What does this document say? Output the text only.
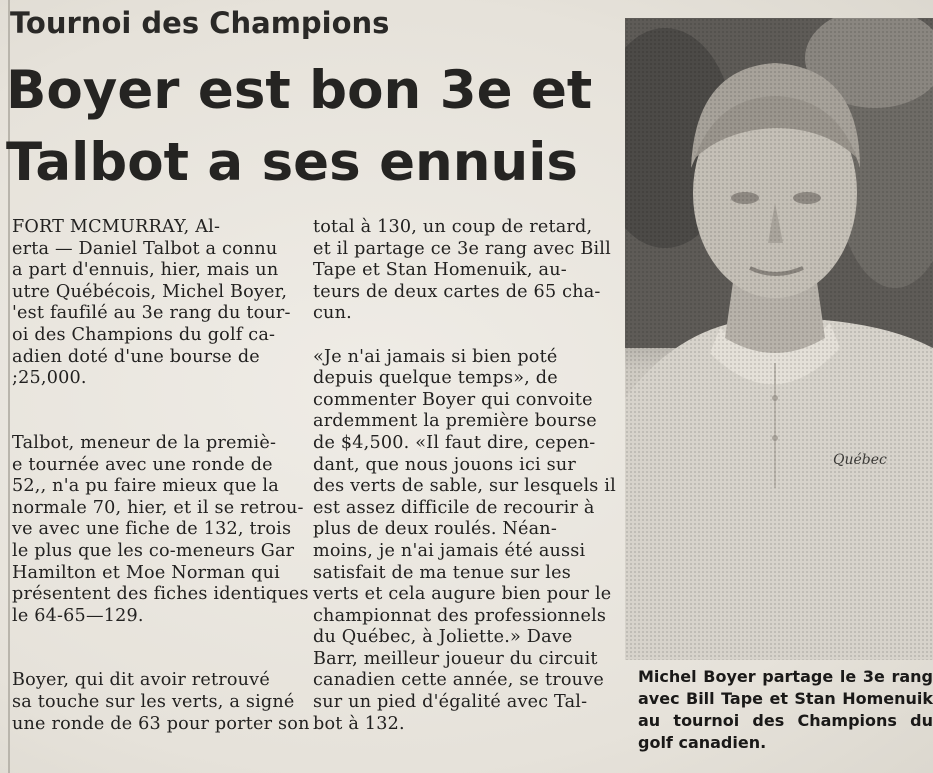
Tournoi des Champions
Boyer est bon 3e et
Talbot a ses ennuis

FORT MCMURRAY, Al-

erta — Daniel Talbot a connu

a part d'ennuis, hier, mais un

utre Québécois, Michel Boyer,

'est faufilé au 3e rang du tour-

oi des Champions du golf ca-

adien doté d'une bourse de

;25,000.

Talbot, meneur de la premiè-

e tournée avec une ronde de

52,, n'a pu faire mieux que la

normale 70, hier, et il se retrou-

ve avec une fiche de 132, trois

le plus que les co-meneurs Gar

Hamilton et Moe Norman qui

présentent des fiches identiques

le 64-65—129.

Boyer, qui dit avoir retrouvé

sa touche sur les verts, a signé

une ronde de 63 pour porter son

total à 130, un coup de retard,

et il partage ce 3e rang avec Bill

Tape et Stan Homenuik, au-

teurs de deux cartes de 65 cha-

cun.

«Je n'ai jamais si bien poté

depuis quelque temps», de

commenter Boyer qui convoite

ardemment la première bourse

de $4,500. «Il faut dire, cepen-

dant, que nous jouons ici sur

des verts de sable, sur lesquels il

est assez difficile de recourir à

plus de deux roulés. Néan-

moins, je n'ai jamais été aussi

satisfait de ma tenue sur les

verts et cela augure bien pour le

championnat des professionnels

du Québec, à Joliette.» Dave

Barr, meilleur joueur du circuit

canadien cette année, se trouve

sur un pied d'égalité avec Tal-

bot à 132.

Québec
Michel Boyer partage le 3e rang avec Bill Tape et Stan Homenuik au tournoi des Champions du golf canadien.
